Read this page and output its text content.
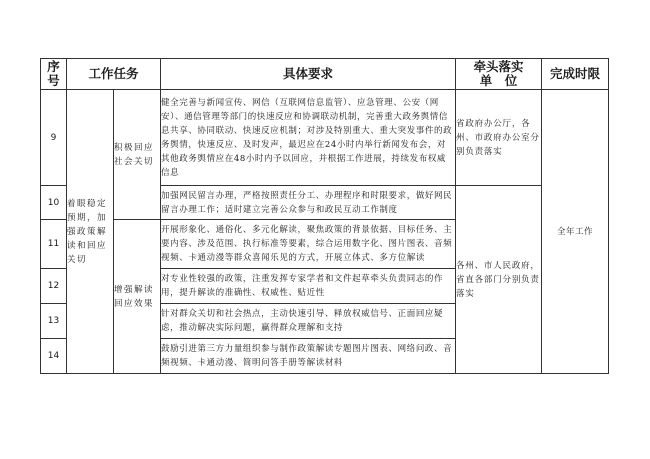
序号	工作任务		具体要求	牵头落实单　位	完成时限
9	着眼稳定预期，加强政策解读和回应关切	积极回应社会关切	健全完善与新闻宣传、网信（互联网信息监管）、应急管理、公安（网安）、通信管理等部门的快速反应和协调联动机制，完善重大政务舆情信息共享、协同联动、快速反应机制；对涉及特别重大、重大突发事件的政务舆情，快速反应、及时发声，最迟应在24小时内举行新闻发布会，对其他政务舆情应在48小时内予以回应，并根据工作进展，持续发布权威信息	省政府办公厅，各州、市政府办公室分别负责落实	全年工作
10			加强网民留言办理，严格按照责任分工、办理程序和时限要求，做好网民留言办理工作；适时建立完善公众参与和政民互动工作制度	各州、市人民政府，省直各部门分别负责落实	
11		增强解读回应效果	开展形象化、通俗化、多元化解读，聚焦政策的背景依据、目标任务、主要内容、涉及范围、执行标准等要素，综合运用数字化、图片图表、音频视频、卡通动漫等群众喜闻乐见的方式，开展立体式、多方位解读		
12			对专业性较强的政策，注重发挥专家学者和文件起草牵头负责同志的作用，提升解读的准确性、权威性、贴近性		
13			针对群众关切和社会热点，主动快速引导、释放权威信号、正面回应疑虑，推动解决实际问题，赢得群众理解和支持		
14			鼓励引进第三方力量组织参与制作政策解读专题图片图表、网络问政、音频视频、卡通动漫、简明问答手册等解读材料		
